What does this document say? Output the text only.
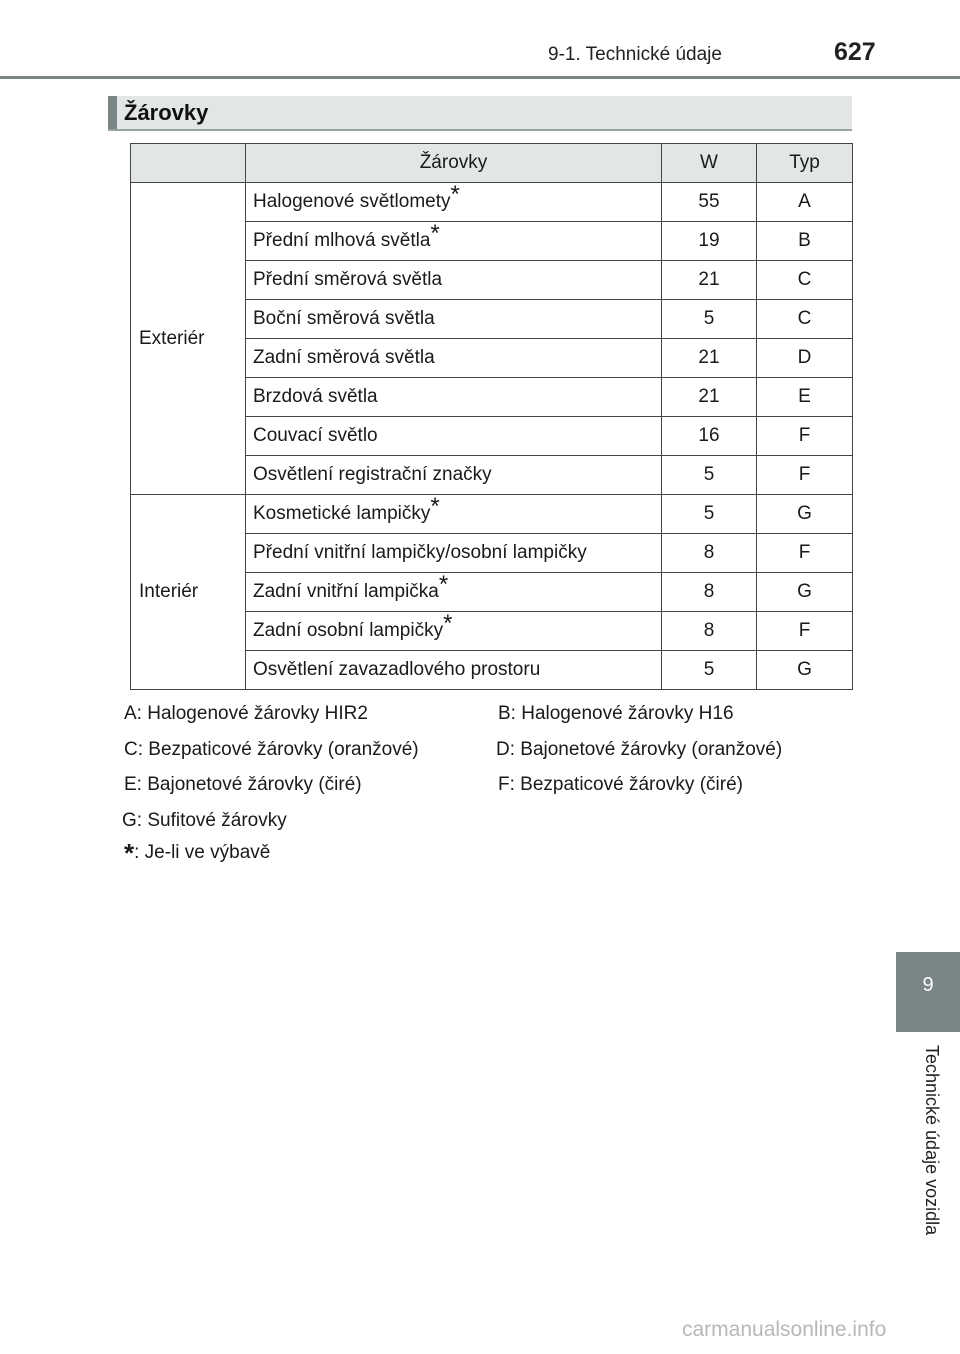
9-1. Technické údaje	627
Žárovky
	Žárovky	W	Typ
Exteriér	Halogenové světlomety*	55	A
	Přední mlhová světla*	19	B
	Přední směrová světla	21	C
	Boční směrová světla	5	C
	Zadní směrová světla	21	D
	Brzdová světla	21	E
	Couvací světlo	16	F
	Osvětlení registrační značky	5	F
Interiér	Kosmetické lampičky*	5	G
	Přední vnitřní lampičky/osobní lampičky	8	F
	Zadní vnitřní lampička*	8	G
	Zadní osobní lampičky*	8	F
	Osvětlení zavazadlového prostoru	5	G
A: Halogenové žárovky HIR2	B: Halogenové žárovky H16
C: Bezpaticové žárovky (oranžové)	D: Bajonetové žárovky (oranžové)
E: Bajonetové žárovky (čiré)	F: Bezpaticové žárovky (čiré)
G: Sufitové žárovky
*: Je-li ve výbavě
9
Technické údaje vozidla
carmanualsonline.info
